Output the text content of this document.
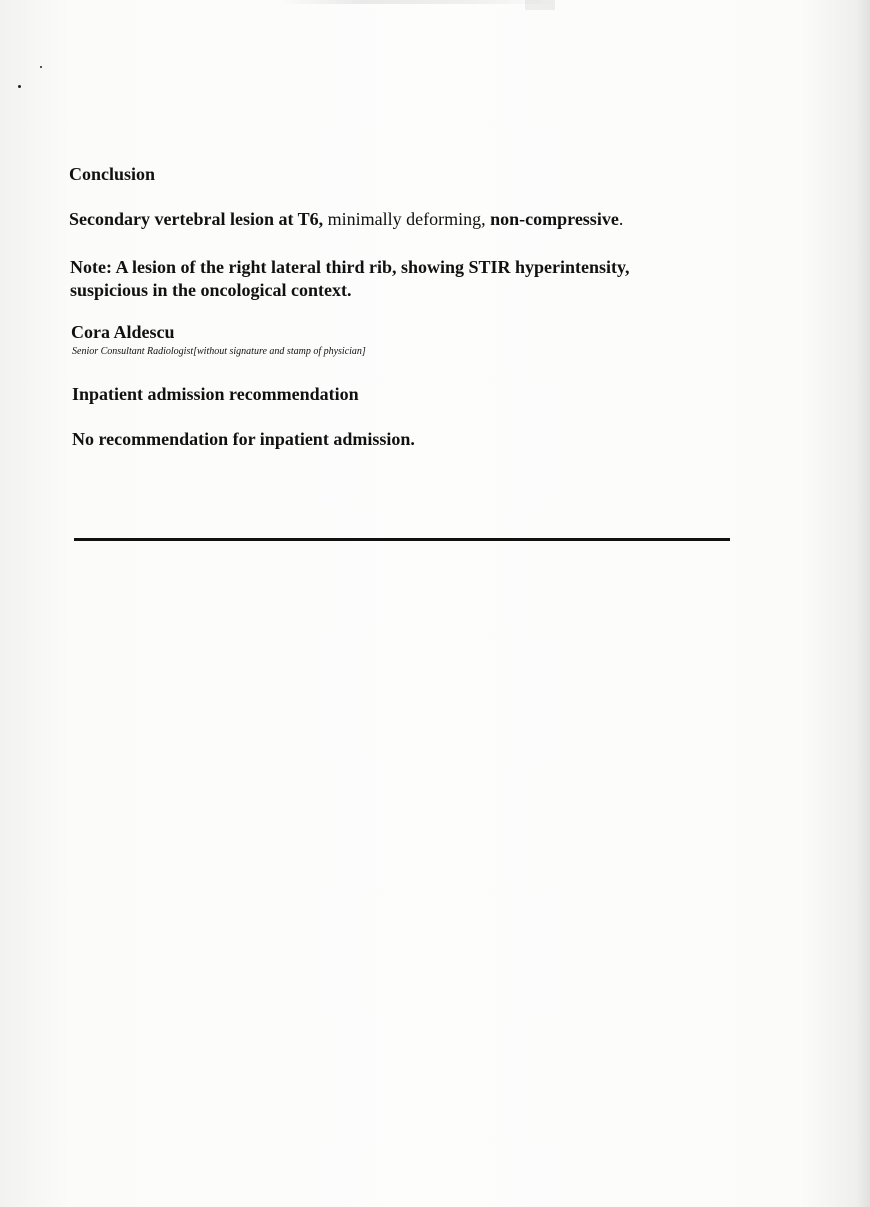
Conclusion

Secondary vertebral lesion at T6, minimally deforming, non-compressive.

Note: A lesion of the right lateral third rib, showing STIR hyperintensity,
suspicious in the oncological context.

Cora Aldescu

Senior Consultant Radiologist[without signature and stamp of physician]

Inpatient admission recommendation

No recommendation for inpatient admission.
